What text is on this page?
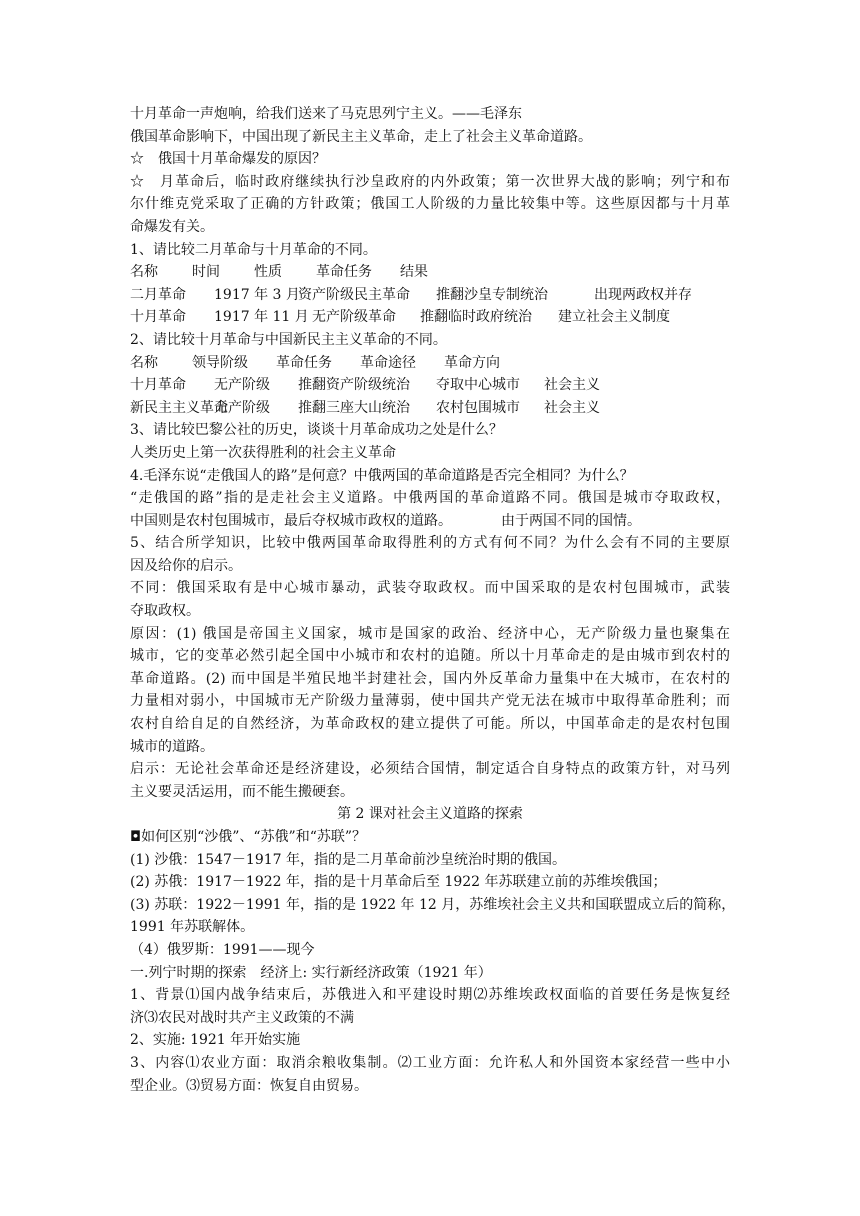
十月革命一声炮响，给我们送来了马克思列宁主义。——毛泽东
俄国革命影响下，中国出现了新民主主义革命，走上了社会主义革命道路。
☆　俄国十月革命爆发的原因？
☆　月革命后，临时政府继续执行沙皇政府的内外政策；第一次世界大战的影响；列宁和布
尔什维克党采取了正确的方针政策；俄国工人阶级的力量比较集中等。这些原因都与十月革
命爆发有关。
1、请比较二月革命与十月革命的不同。
名称 时间 性质 革命任务 结果
二月革命 1917 年 3 月资产阶级民主革命 推翻沙皇专制统治	出现两政权并存
十月革命 1917 年 11 月 无产阶级革命 推翻临时政府统治 建立社会主义制度
2、请比较十月革命与中国新民主主义革命的不同。
名称 领导阶级 革命任务 革命途径 革命方向
十月革命 无产阶级 推翻资产阶级统治 夺取中心城市 社会主义
新民主主义革命无产阶级 推翻三座大山统治 农村包围城市 社会主义
3、请比较巴黎公社的历史，谈谈十月革命成功之处是什么？
人类历史上第一次获得胜利的社会主义革命
4.毛泽东说“走俄国人的路”是何意？中俄两国的革命道路是否完全相同？为什么？
“走俄国的路”指的是走社会主义道路。中俄两国的革命道路不同。俄国是城市夺取政权，
中国则是农村包围城市，最后夺权城市政权的道路。　　　　由于两国不同的国情。
5、结合所学知识，比较中俄两国革命取得胜利的方式有何不同？为什么会有不同的主要原
因及给你的启示。
不同：俄国采取有是中心城市暴动，武装夺取政权。而中国采取的是农村包围城市，武装
夺取政权。
原因：(1) 俄国是帝国主义国家，城市是国家的政治、经济中心，无产阶级力量也聚集在
城市，它的变革必然引起全国中小城市和农村的追随。所以十月革命走的是由城市到农村的
革命道路。(2) 而中国是半殖民地半封建社会，国内外反革命力量集中在大城市，在农村的
力量相对弱小，中国城市无产阶级力量薄弱，使中国共产党无法在城市中取得革命胜利；而
农村自给自足的自然经济，为革命政权的建立提供了可能。所以，中国革命走的是农村包围
城市的道路。
启示：无论社会革命还是经济建设，必须结合国情，制定适合自身特点的政策方针，对马列
主义要灵活运用，而不能生搬硬套。
第 2 课对社会主义道路的探索
◘如何区别“沙俄”、“苏俄”和“苏联”？
(1) 沙俄：1547－1917 年，指的是二月革命前沙皇统治时期的俄国。
(2) 苏俄：1917－1922 年，指的是十月革命后至 1922 年苏联建立前的苏维埃俄国；
(3) 苏联：1922－1991 年，指的是 1922 年 12 月，苏维埃社会主义共和国联盟成立后的简称，
1991 年苏联解体。
（4）俄罗斯：1991——现今
一.列宁时期的探索　经济上: 实行新经济政策（1921 年）
1、背景⑴国内战争结束后，苏俄进入和平建设时期⑵苏维埃政权面临的首要任务是恢复经
济⑶农民对战时共产主义政策的不满
2、实施: 1921 年开始实施
3、内容⑴农业方面：取消余粮收集制。⑵工业方面：允许私人和外国资本家经营一些中小
型企业。⑶贸易方面：恢复自由贸易。
